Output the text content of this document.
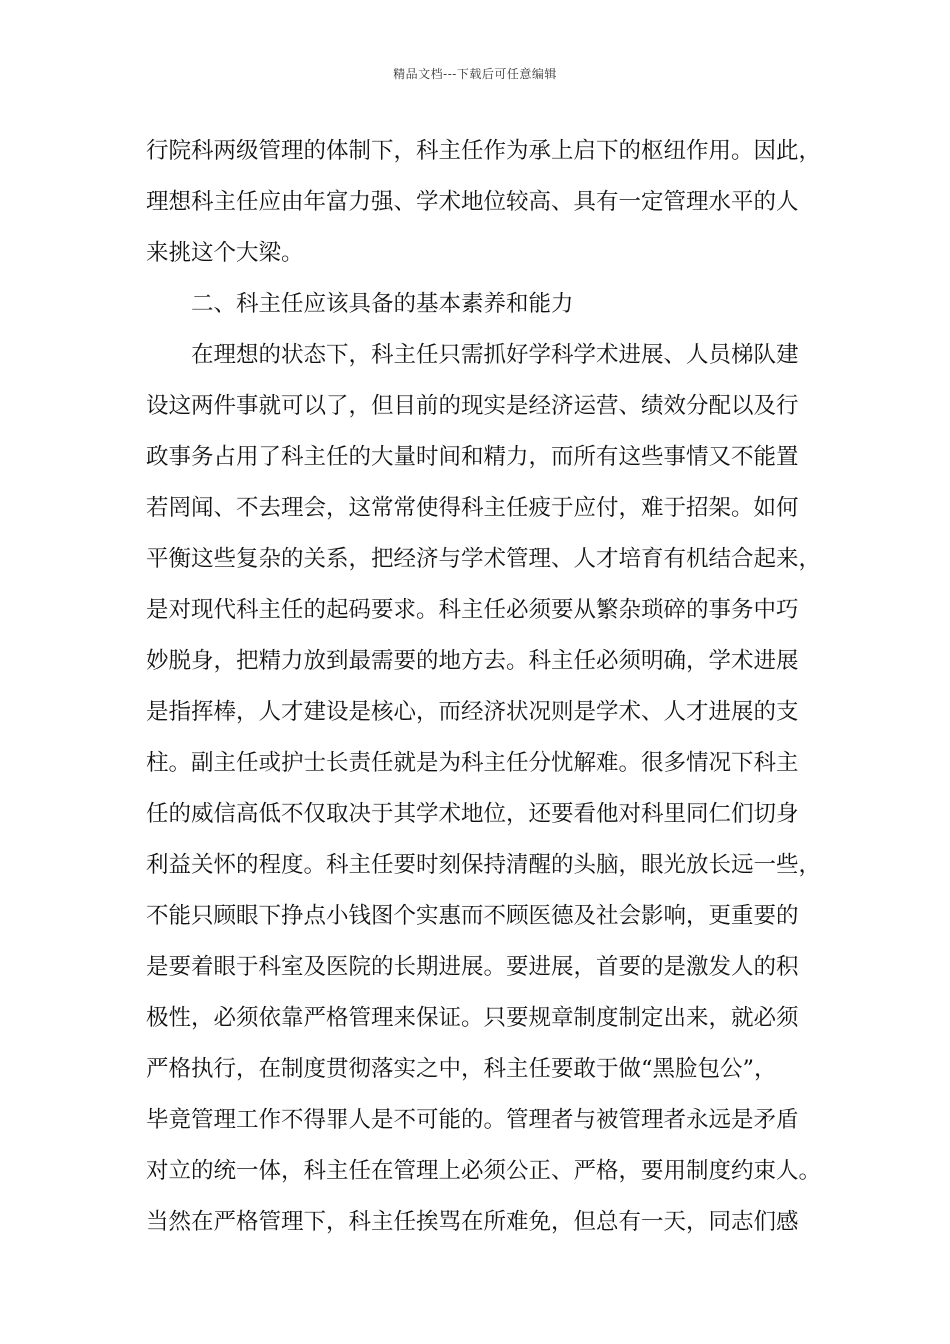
精品文档---下载后可任意编辑
行院科两级管理的体制下，科主任作为承上启下的枢纽作用。因此，
理想科主任应由年富力强、学术地位较高、具有一定管理水平的人
来挑这个大梁。
二、科主任应该具备的基本素养和能力
在理想的状态下，科主任只需抓好学科学术进展、人员梯队建
设这两件事就可以了，但目前的现实是经济运营、绩效分配以及行
政事务占用了科主任的大量时间和精力，而所有这些事情又不能置
若罔闻、不去理会，这常常使得科主任疲于应付，难于招架。如何
平衡这些复杂的关系，把经济与学术管理、人才培育有机结合起来，
是对现代科主任的起码要求。科主任必须要从繁杂琐碎的事务中巧
妙脱身，把精力放到最需要的地方去。科主任必须明确，学术进展
是指挥棒，人才建设是核心，而经济状况则是学术、人才进展的支
柱。副主任或护士长责任就是为科主任分忧解难。很多情况下科主
任的威信高低不仅取决于其学术地位，还要看他对科里同仁们切身
利益关怀的程度。科主任要时刻保持清醒的头脑，眼光放长远一些，
不能只顾眼下挣点小钱图个实惠而不顾医德及社会影响，更重要的
是要着眼于科室及医院的长期进展。要进展，首要的是激发人的积
极性，必须依靠严格管理来保证。只要规章制度制定出来，就必须
严格执行，在制度贯彻落实之中，科主任要敢于做“黑脸包公”，
毕竟管理工作不得罪人是不可能的。管理者与被管理者永远是矛盾
对立的统一体，科主任在管理上必须公正、严格，要用制度约束人。
当然在严格管理下，科主任挨骂在所难免，但总有一天，同志们感
